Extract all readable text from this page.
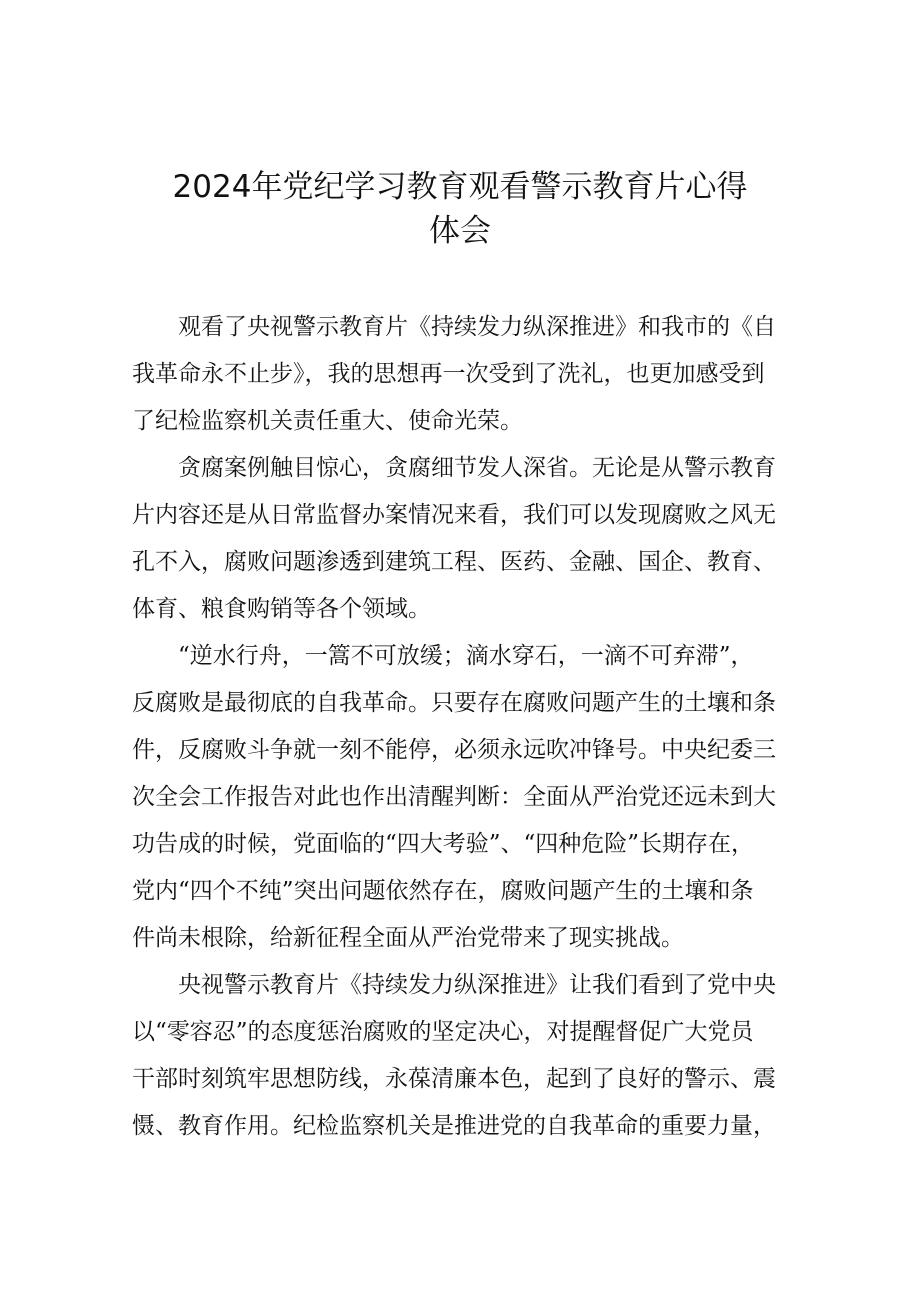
2024年党纪学习教育观看警示教育片心得
体会
观看了央视警示教育片《持续发力纵深推进》和我市的《自
我革命永不止步》，我的思想再一次受到了洗礼，也更加感受到
了纪检监察机关责任重大、使命光荣。
贪腐案例触目惊心，贪腐细节发人深省。无论是从警示教育
片内容还是从日常监督办案情况来看，我们可以发现腐败之风无
孔不入，腐败问题渗透到建筑工程、医药、金融、国企、教育、
体育、粮食购销等各个领域。
“逆水行舟，一篙不可放缓；滴水穿石，一滴不可弃滞”，
反腐败是最彻底的自我革命。只要存在腐败问题产生的土壤和条
件，反腐败斗争就一刻不能停，必须永远吹冲锋号。中央纪委三
次全会工作报告对此也作出清醒判断：全面从严治党还远未到大
功告成的时候，党面临的“四大考验”、“四种危险”长期存在，
党内“四个不纯”突出问题依然存在，腐败问题产生的土壤和条
件尚未根除，给新征程全面从严治党带来了现实挑战。
央视警示教育片《持续发力纵深推进》让我们看到了党中央
以“零容忍”的态度惩治腐败的坚定决心，对提醒督促广大党员
干部时刻筑牢思想防线，永葆清廉本色，起到了良好的警示、震
慑、教育作用。纪检监察机关是推进党的自我革命的重要力量，
